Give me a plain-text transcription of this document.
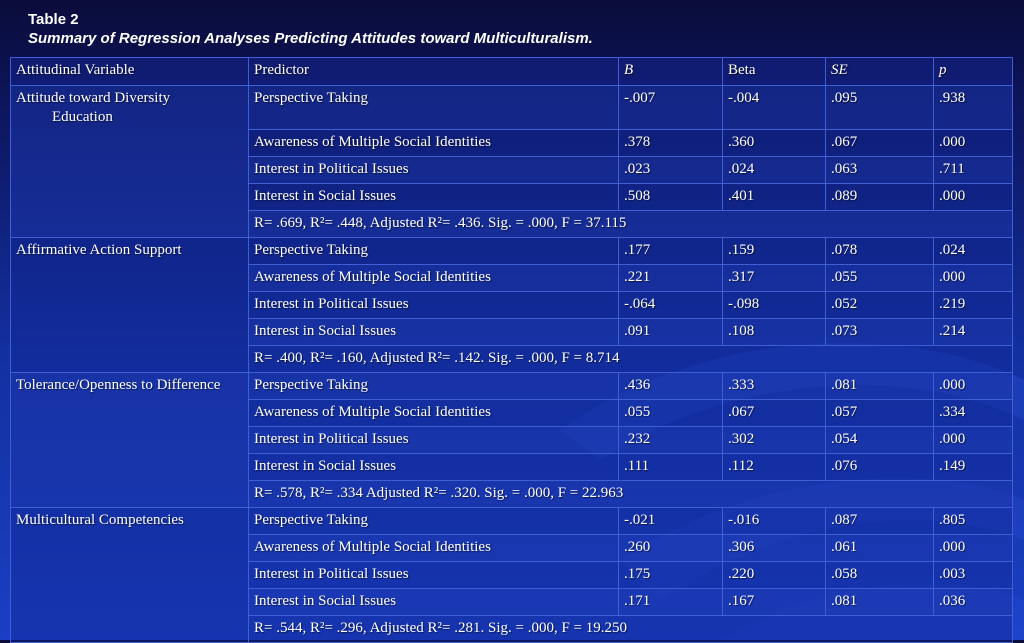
Table 2
Summary of Regression Analyses Predicting Attitudes toward Multiculturalism.
Attitudinal Variable	Predictor	B	Beta	SE	p
Attitude toward Diversity
Education	Perspective Taking	-.007	-.004	.095	.938
	Awareness of Multiple Social Identities	.378	.360	.067	.000
	Interest in Political Issues	.023	.024	.063	.711
	Interest in Social Issues	.508	.401	.089	.000
	R= .669, R²= .448, Adjusted R²= .436. Sig. = .000, F = 37.115				
Affirmative Action Support	Perspective Taking	.177	.159	.078	.024
	Awareness of Multiple Social Identities	.221	.317	.055	.000
	Interest in Political Issues	-.064	-.098	.052	.219
	Interest in Social Issues	.091	.108	.073	.214
	R= .400, R²= .160, Adjusted R²= .142. Sig. = .000, F = 8.714				
Tolerance/Openness to Difference	Perspective Taking	.436	.333	.081	.000
	Awareness of Multiple Social Identities	.055	.067	.057	.334
	Interest in Political Issues	.232	.302	.054	.000
	Interest in Social Issues	.111	.112	.076	.149
	R= .578, R²= .334 Adjusted R²= .320. Sig. = .000, F = 22.963				
Multicultural Competencies	Perspective Taking	-.021	-.016	.087	.805
	Awareness of Multiple Social Identities	.260	.306	.061	.000
	Interest in Political Issues	.175	.220	.058	.003
	Interest in Social Issues	.171	.167	.081	.036
	R= .544, R²= .296, Adjusted R²= .281. Sig. = .000, F = 19.250				
